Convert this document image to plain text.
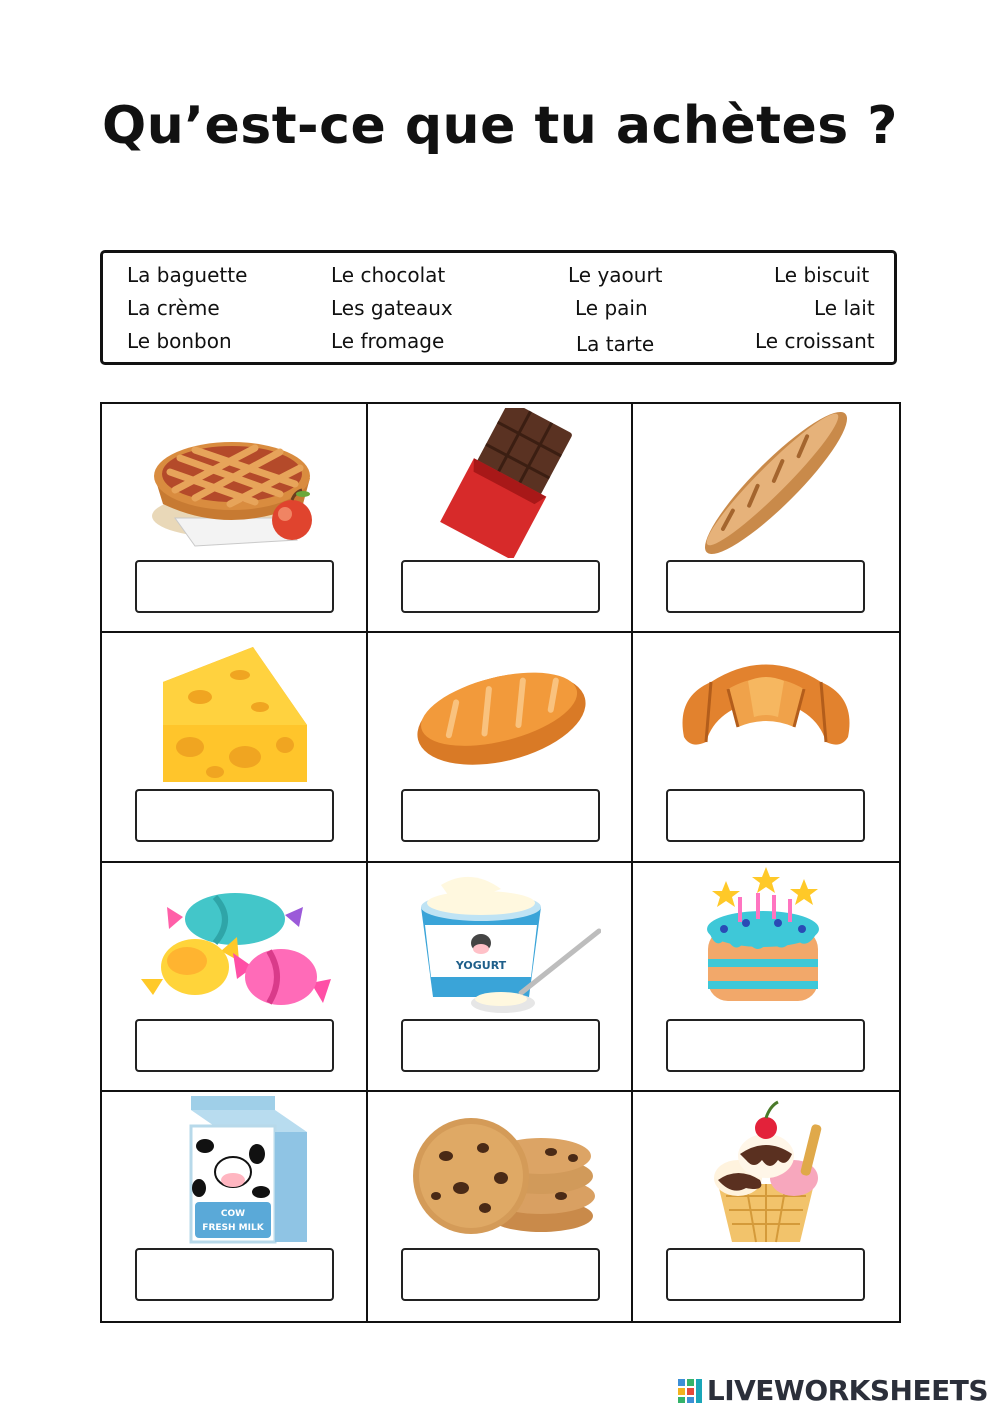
Qu’est-ce que tu achètes ?
La baguette	Le chocolat	Le yaourt	Le biscuit
La crème	Les gateaux	Le pain	Le lait
Le bonbon	Le fromage	La tarte	Le croissant
YOGURT
COW
FRESH MILK
LIVEWORKSHEETS
